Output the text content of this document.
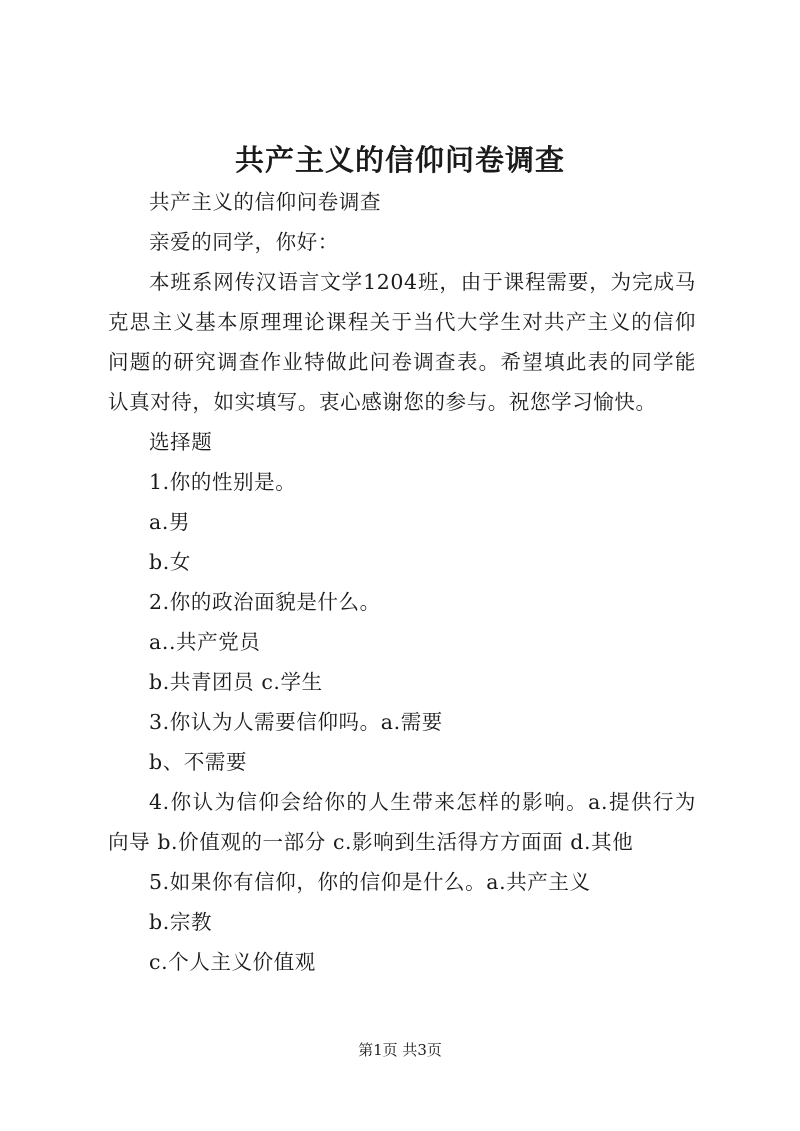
共产主义的信仰问卷调查

共产主义的信仰问卷调查

亲爱的同学，你好：

本班系网传汉语言文学1204班，由于课程需要，为完成马克思主义基本原理理论课程关于当代大学生对共产主义的信仰问题的研究调查作业特做此问卷调查表。希望填此表的同学能认真对待，如实填写。衷心感谢您的参与。祝您学习愉快。

选择题

1.你的性别是。

a.男

b.女

2.你的政治面貌是什么。

a..共产党员

b.共青团员 c.学生

3.你认为人需要信仰吗。a.需要

b、不需要

4.你认为信仰会给你的人生带来怎样的影响。a.提供行为向导 b.价值观的一部分 c.影响到生活得方方面面 d.其他

5.如果你有信仰，你的信仰是什么。a.共产主义

b.宗教

c.个人主义价值观

第1页 共3页
